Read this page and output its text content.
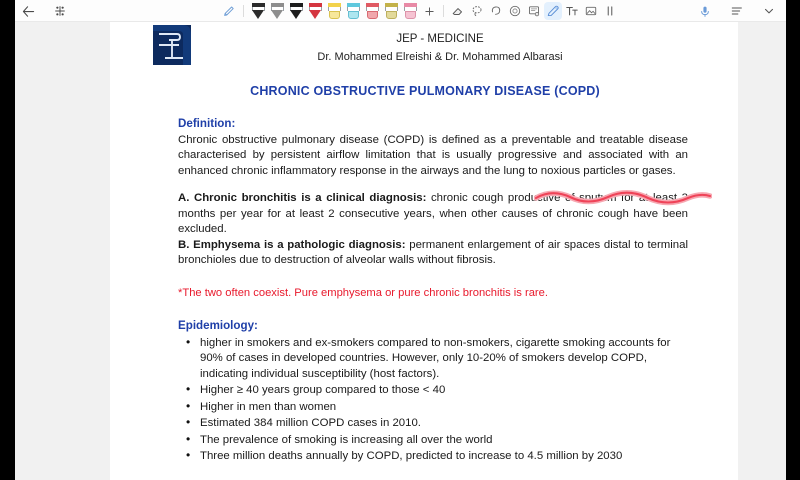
JEP - MEDICINE
Dr. Mohammed Elreishi & Dr. Mohammed Albarasi
CHRONIC OBSTRUCTIVE PULMONARY DISEASE (COPD)
Definition:

Chronic obstructive pulmonary disease (COPD) is defined as a preventable and treatable disease characterised by persistent airflow limitation that is usually progressive and associated with an enhanced chronic inflammatory response in the airways and the lung to noxious particles or gases.

A. Chronic bronchitis is a clinical diagnosis: chronic cough productive of sputum for at least 3 months per year for at least 2 consecutive years, when other causes of chronic cough have been excluded.

B. Emphysema is a pathologic diagnosis: permanent enlargement of air spaces distal to terminal bronchioles due to destruction of alveolar walls without fibrosis.

*The two often coexist. Pure emphysema or pure chronic bronchitis is rare.

Epidemiology:
• higher in smokers and ex-smokers compared to non-smokers, cigarette smoking accounts for 90% of cases in developed countries. However, only 10-20% of smokers develop COPD, indicating individual susceptibility (host factors).
• Higher ≥ 40 years group compared to those < 40
• Higher in men than women
• Estimated 384 million COPD cases in 2010.
• The prevalence of smoking is increasing all over the world
• Three million deaths annually by COPD, predicted to increase to 4.5 million by 2030
